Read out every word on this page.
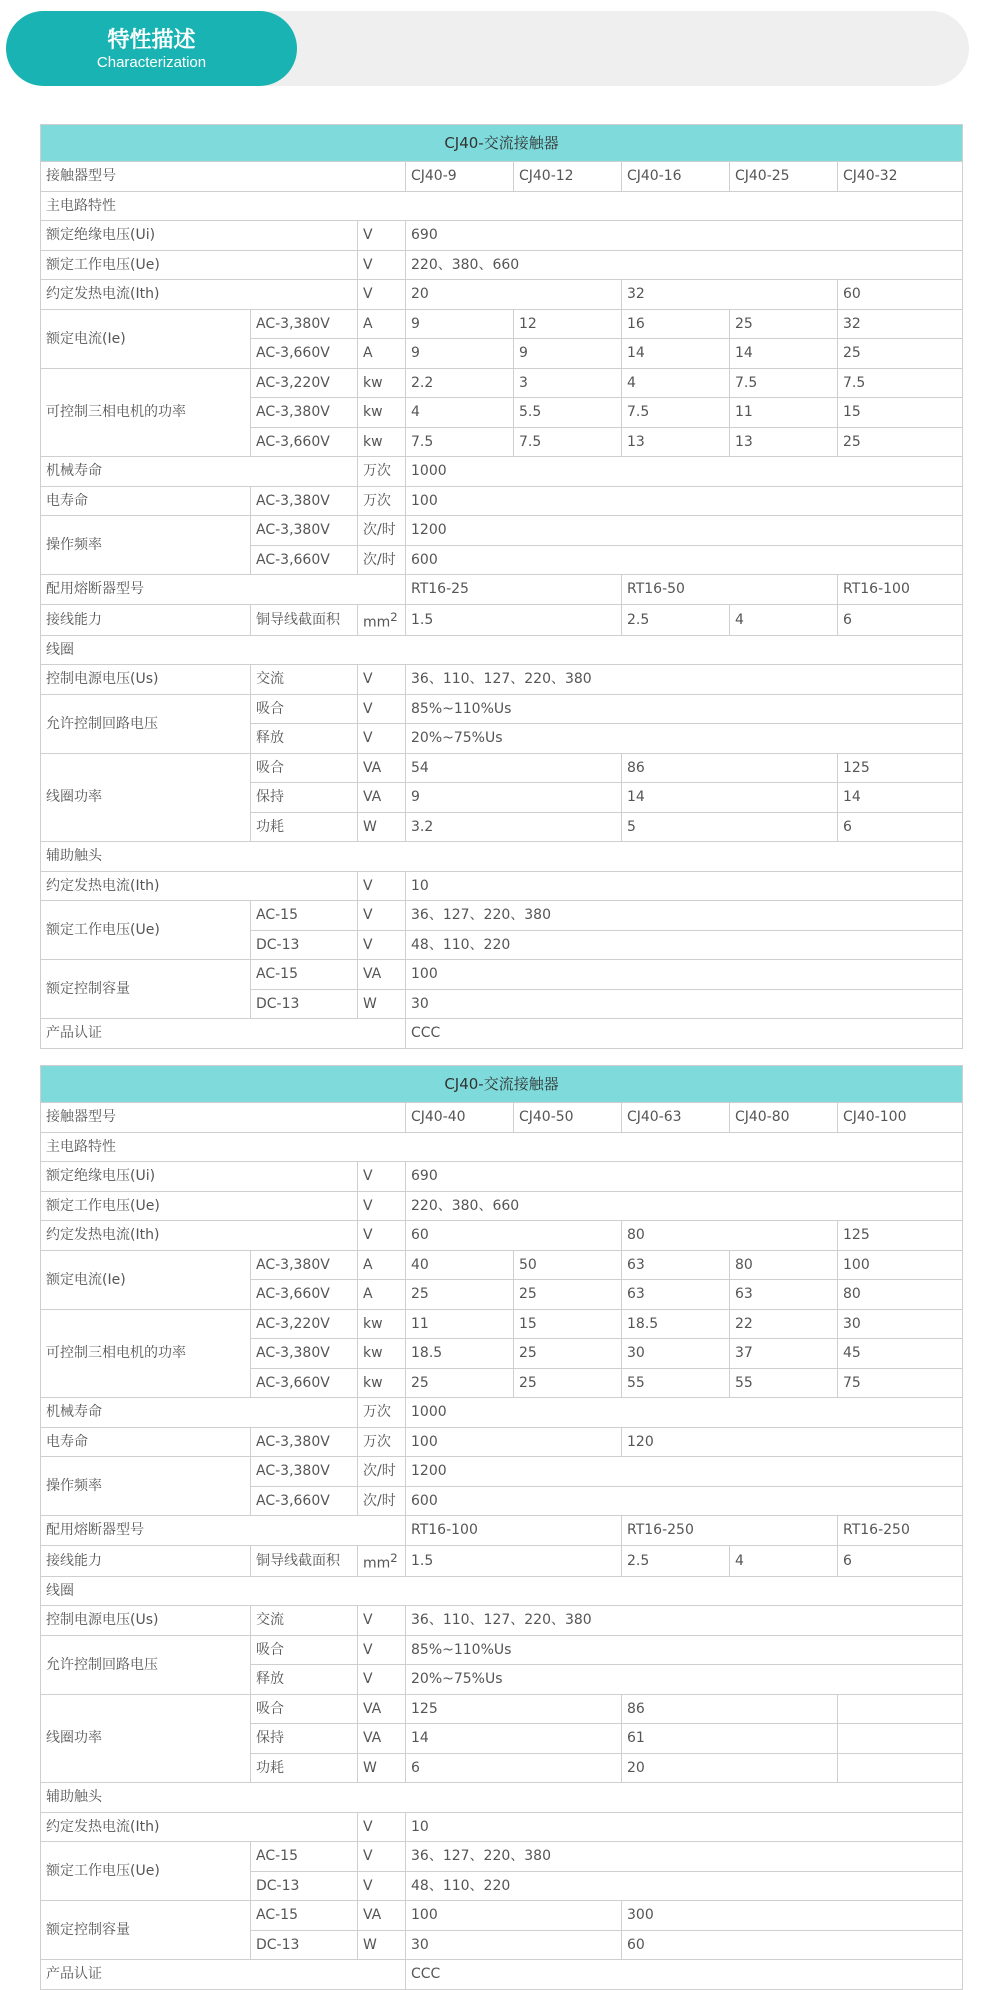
特性描述
Characterization
CJ40-交流接触器							
接触器型号			CJ40-9	CJ40-12	CJ40-16	CJ40-25	CJ40-32
主电路特性							
额定绝缘电压(Ui)		V	690				
额定工作电压(Ue)		V	220、380、660				
约定发热电流(Ith)		V	20		32		60
额定电流(Ie)	AC-3,380V	A	9	12	16	25	32
	AC-3,660V	A	9	9	14	14	25
可控制三相电机的功率	AC-3,220V	kw	2.2	3	4	7.5	7.5
	AC-3,380V	kw	4	5.5	7.5	11	15
	AC-3,660V	kw	7.5	7.5	13	13	25
机械寿命		万次	1000				
电寿命	AC-3,380V	万次	100				
操作频率	AC-3,380V	次/时	1200				
	AC-3,660V	次/时	600				
配用熔断器型号			RT16-25		RT16-50		RT16-100
接线能力	铜导线截面积	$mm^2$	1.5		2.5	4	6
线圈							
控制电源电压(Us)	交流	V	36、110、127、220、380				
允许控制回路电压	吸合	V	85%~110%Us				
	释放	V	20%~75%Us				
线圈功率	吸合	VA	54		86		125
	保持	VA	9		14		14
	功耗	W	3.2		5		6
辅助触头							
约定发热电流(Ith)		V	10				
额定工作电压(Ue)	AC-15	V	36、127、220、380				
	DC-13	V	48、110、220				
额定控制容量	AC-15	VA	100				
	DC-13	W	30				
产品认证			CCC				
CJ40-交流接触器							
接触器型号			CJ40-40	CJ40-50	CJ40-63	CJ40-80	CJ40-100
主电路特性							
额定绝缘电压(Ui)		V	690				
额定工作电压(Ue)		V	220、380、660				
约定发热电流(Ith)		V	60		80		125
额定电流(Ie)	AC-3,380V	A	40	50	63	80	100
	AC-3,660V	A	25	25	63	63	80
可控制三相电机的功率	AC-3,220V	kw	11	15	18.5	22	30
	AC-3,380V	kw	18.5	25	30	37	45
	AC-3,660V	kw	25	25	55	55	75
机械寿命		万次	1000				
电寿命	AC-3,380V	万次	100		120		
操作频率	AC-3,380V	次/时	1200				
	AC-3,660V	次/时	600				
配用熔断器型号			RT16-100		RT16-250		RT16-250
接线能力	铜导线截面积	$mm^2$	1.5		2.5	4	6
线圈							
控制电源电压(Us)	交流	V	36、110、127、220、380				
允许控制回路电压	吸合	V	85%~110%Us				
	释放	V	20%~75%Us				
线圈功率	吸合	VA	125		86		
	保持	VA	14		61		
	功耗	W	6		20		
辅助触头							
约定发热电流(Ith)		V	10				
额定工作电压(Ue)	AC-15	V	36、127、220、380				
	DC-13	V	48、110、220				
额定控制容量	AC-15	VA	100		300		
	DC-13	W	30		60		
产品认证			CCC				
